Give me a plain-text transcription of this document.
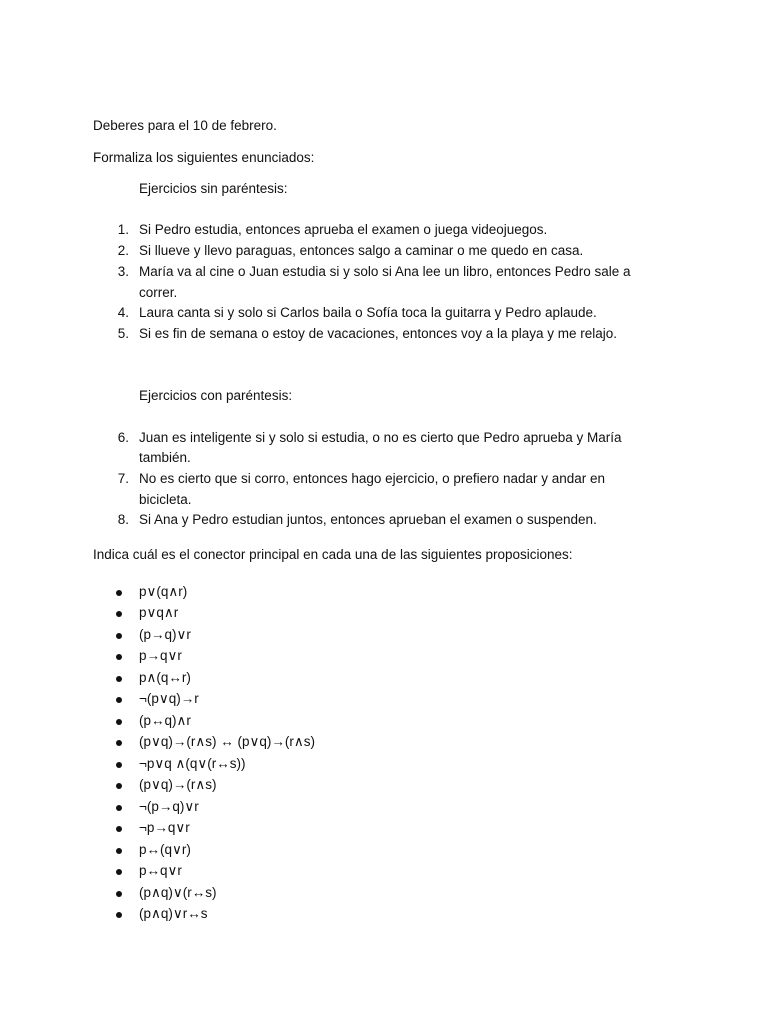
Deberes para el 10 de febrero.
Formaliza los siguientes enunciados:
Ejercicios sin paréntesis:
1. Si Pedro estudia, entonces aprueba el examen o juega videojuegos.
2. Si llueve y llevo paraguas, entonces salgo a caminar o me quedo en casa.
3. María va al cine o Juan estudia si y solo si Ana lee un libro, entonces Pedro sale a
correr.
4. Laura canta si y solo si Carlos baila o Sofía toca la guitarra y Pedro aplaude.
5. Si es fin de semana o estoy de vacaciones, entonces voy a la playa y me relajo.
Ejercicios con paréntesis:
6. Juan es inteligente si y solo si estudia, o no es cierto que Pedro aprueba y María
también.
7. No es cierto que si corro, entonces hago ejercicio, o prefiero nadar y andar en
bicicleta.
8. Si Ana y Pedro estudian juntos, entonces aprueban el examen o suspenden.
Indica cuál es el conector principal en cada una de las siguientes proposiciones:
p∨(q∧r)
p∨q∧r
(p→q)∨r
p→q∨r
p∧(q↔r)
¬(p∨q)→r
(p↔q)∧r
(p∨q)→(r∧s) ↔ (p∨q)→(r∧s)
¬p∨q ∧(q∨(r↔s))
(p∨q)→(r∧s)
¬(p→q)∨r
¬p→q∨r
p↔(q∨r)
p↔q∨r
(p∧q)∨(r↔s)
(p∧q)∨r↔s
